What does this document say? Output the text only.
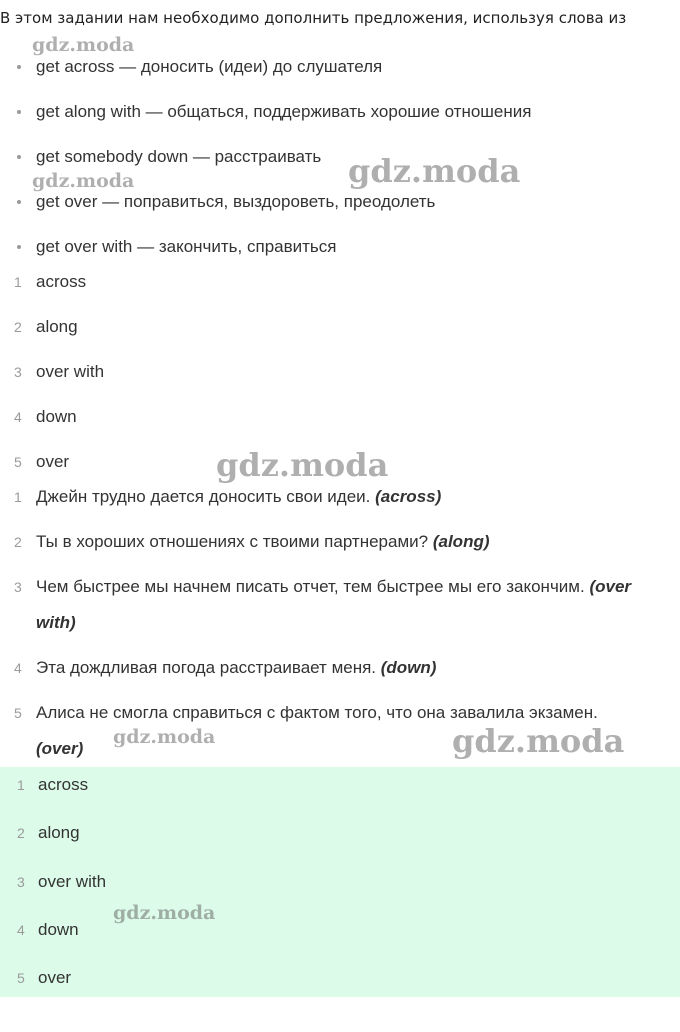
В этом задании нам необходимо дополнить предложения, используя слова из
get across — доносить (идеи) до слушателя
get along with — общаться, поддерживать хорошие отношения
get somebody down — расстраивать
get over — поправиться, выздороветь, преодолеть
get over with — закончить, справиться
1 across
2 along
3 over with
4 down
5 over
1 Джейн трудно дается доносить свои идеи. (across)
2 Ты в хороших отношениях с твоими партнерами? (along)
3 Чем быстрее мы начнем писать отчет, тем быстрее мы его закончим. (over
with)
4 Эта дождливая погода расстраивает меня. (down)
5 Алиса не смогла справиться с фактом того, что она завалила экзамен.
(over)
1 across
2 along
3 over with
4 down
5 over
gdz.moda
gdz.moda	gdz.moda
gdz.moda
gdz.moda	gdz.moda
gdz.moda
